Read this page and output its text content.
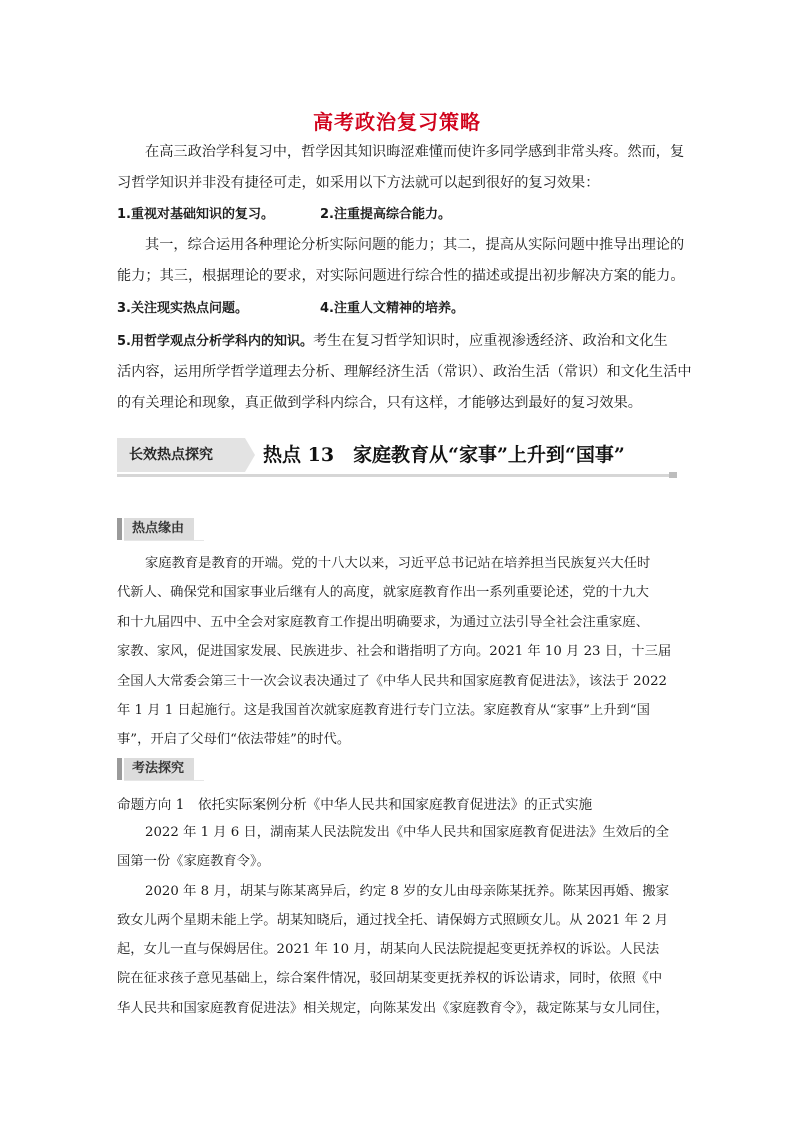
高考政治复习策略
在高三政治学科复习中，哲学因其知识晦涩难懂而使许多同学感到非常头疼。然而，复
习哲学知识并非没有捷径可走，如采用以下方法就可以起到很好的复习效果：
1.重视对基础知识的复习。	2.注重提高综合能力。
其一，综合运用各种理论分析实际问题的能力；其二，提高从实际问题中推导出理论的
能力；其三，根据理论的要求，对实际问题进行综合性的描述或提出初步解决方案的能力。
3.关注现实热点问题。	4.注重人文精神的培养。
5.用哲学观点分析学科内的知识。考生在复习哲学知识时，应重视渗透经济、政治和文化生
活内容，运用所学哲学道理去分析、理解经济生活（常识）、政治生活（常识）和文化生活中
的有关理论和现象，真正做到学科内综合，只有这样，才能够达到最好的复习效果。
长效热点探究	热点 13　家庭教育从“家事”上升到“国事”
热点缘由
家庭教育是教育的开端。党的十八大以来，习近平总书记站在培养担当民族复兴大任时
代新人、确保党和国家事业后继有人的高度，就家庭教育作出一系列重要论述，党的十九大
和十九届四中、五中全会对家庭教育工作提出明确要求，为通过立法引导全社会注重家庭、
家教、家风，促进国家发展、民族进步、社会和谐指明了方向。2021 年 10 月 23 日，十三届
全国人大常委会第三十一次会议表决通过了《中华人民共和国家庭教育促进法》，该法于 2022
年 1 月 1 日起施行。这是我国首次就家庭教育进行专门立法。家庭教育从“家事”上升到“国
事”，开启了父母们“依法带娃”的时代。
考法探究
命题方向 1　依托实际案例分析《中华人民共和国家庭教育促进法》的正式实施
2022 年 1 月 6 日，湖南某人民法院发出《中华人民共和国家庭教育促进法》生效后的全
国第一份《家庭教育令》。
2020 年 8 月，胡某与陈某离异后，约定 8 岁的女儿由母亲陈某抚养。陈某因再婚、搬家
致女儿两个星期未能上学。胡某知晓后，通过找全托、请保姆方式照顾女儿。从 2021 年 2 月
起，女儿一直与保姆居住。2021 年 10 月，胡某向人民法院提起变更抚养权的诉讼。人民法
院在征求孩子意见基础上，综合案件情况，驳回胡某变更抚养权的诉讼请求，同时，依照《中
华人民共和国家庭教育促进法》相关规定，向陈某发出《家庭教育令》，裁定陈某与女儿同住，
